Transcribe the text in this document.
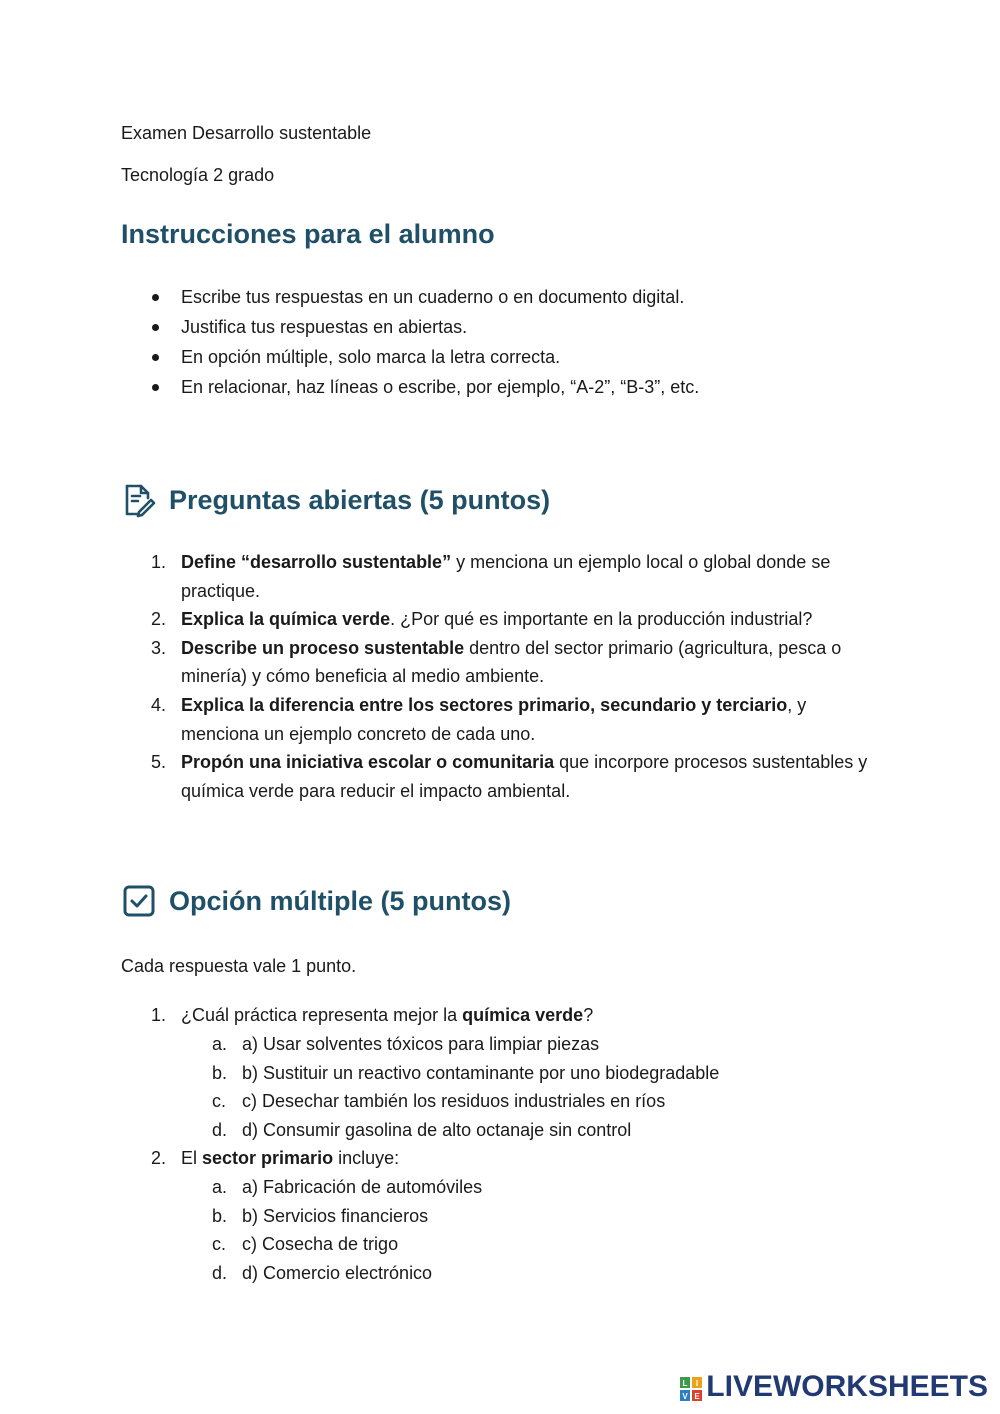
Examen Desarrollo sustentable

Tecnología 2 grado

Instrucciones para el alumno
Escribe tus respuestas en un cuaderno o en documento digital.
Justifica tus respuestas en abiertas.
En opción múltiple, solo marca la letra correcta.
En relacionar, haz líneas o escribe, por ejemplo, “A-2”, “B-3”, etc.
Preguntas abiertas (5 puntos)
1. Define “desarrollo sustentable” y menciona un ejemplo local o global donde se practique.
2. Explica la química verde. ¿Por qué es importante en la producción industrial?
3. Describe un proceso sustentable dentro del sector primario (agricultura, pesca o minería) y cómo beneficia al medio ambiente.
4. Explica la diferencia entre los sectores primario, secundario y terciario, y menciona un ejemplo concreto de cada uno.
5. Propón una iniciativa escolar o comunitaria que incorpore procesos sustentables y química verde para reducir el impacto ambiental.
Opción múltiple (5 puntos)

Cada respuesta vale 1 punto.

1. ¿Cuál práctica representa mejor la química verde?
a. a) Usar solventes tóxicos para limpiar piezas
b. b) Sustituir un reactivo contaminante por uno biodegradable
c. c) Desechar también los residuos industriales en ríos
d. d) Consumir gasolina de alto octanaje sin control
2. El sector primario incluye:
a. a) Fabricación de automóviles
b. b) Servicios financieros
c. c) Cosecha de trigo
d. d) Comercio electrónico
L I
V E LIVEWORKSHEETS
